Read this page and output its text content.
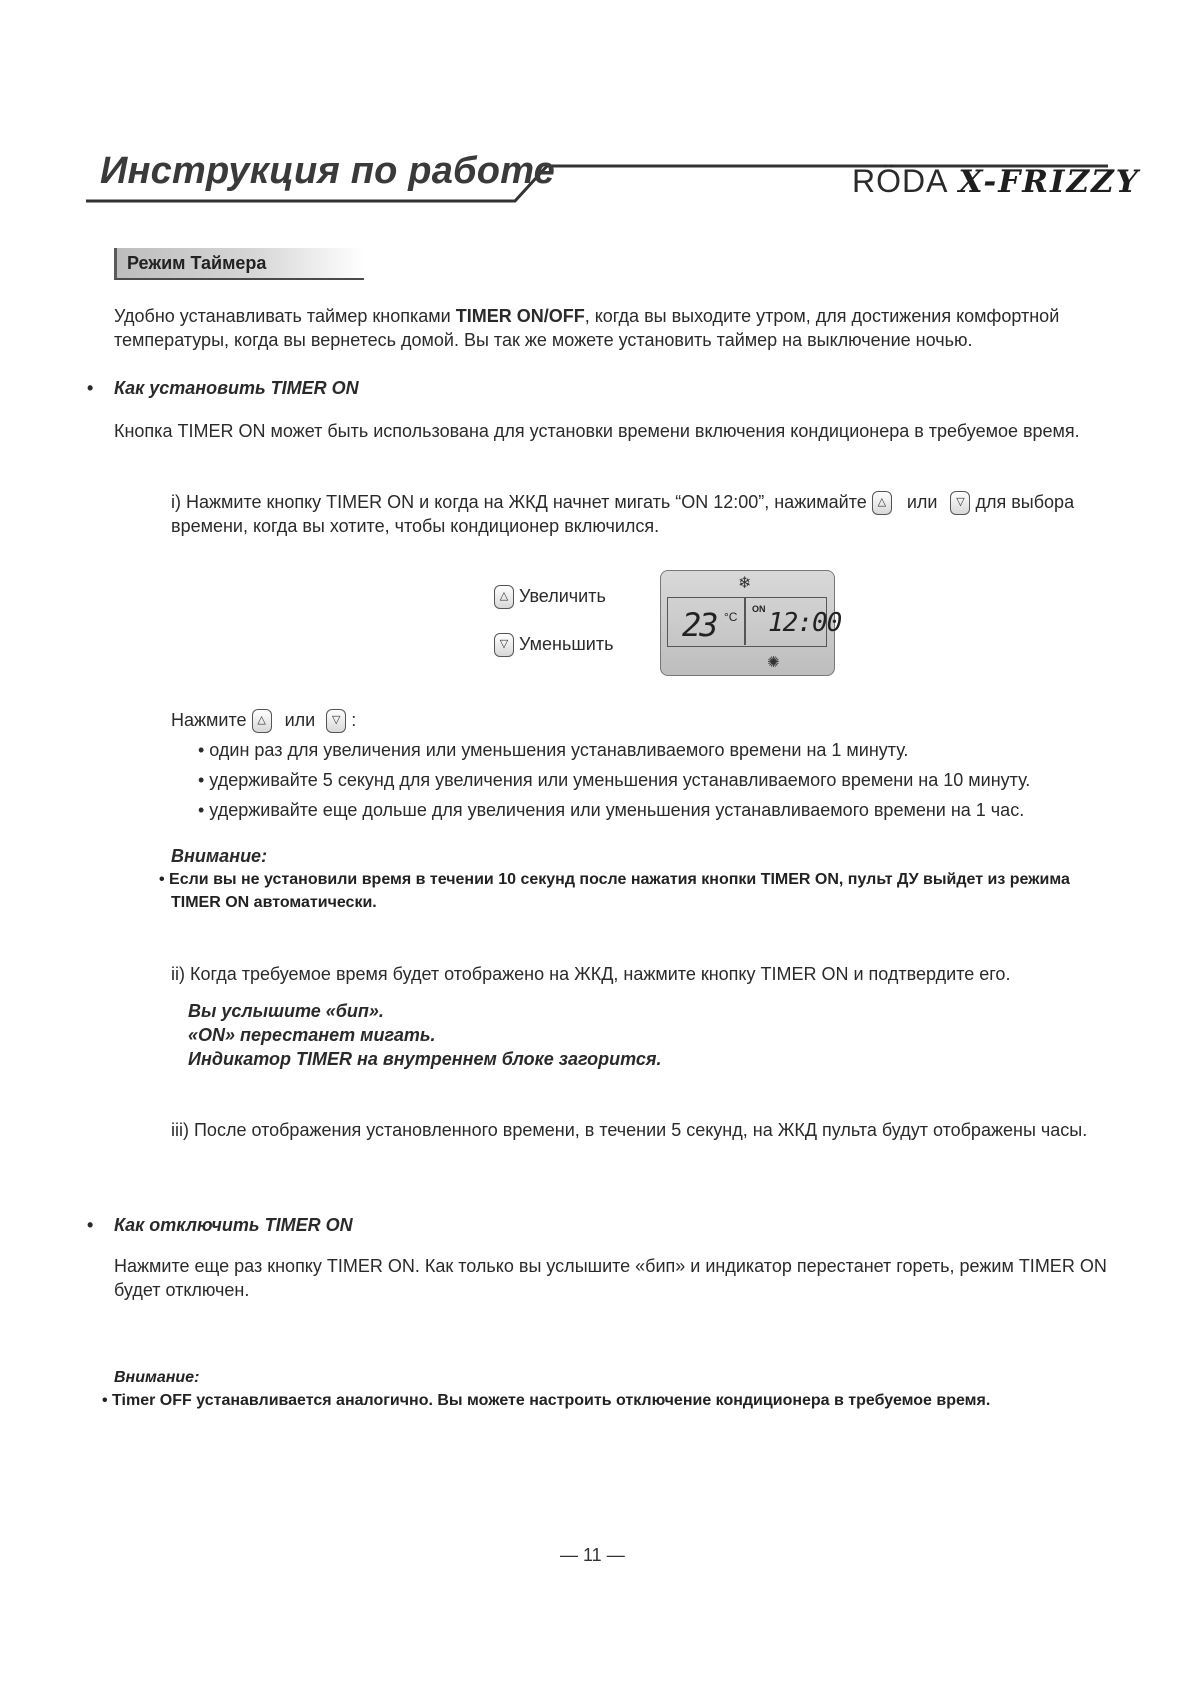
Инструкция по работе	RÖDA X-FRIZZY
Режим Таймера
Удобно устанавливать таймер кнопками TIMER ON/OFF, когда вы выходите утром, для достижения комфортной
температуры, когда вы вернетесь домой. Вы так же можете установить таймер на выключение ночью.
• Как установить TIMER ON
Кнопка TIMER ON может быть использована для установки времени включения кондиционера в требуемое время.
i) Нажмите кнопку TIMER ON и когда на ЖКД начнет мигать “ON 12:00”, нажимайте △ или ▽ для выбора
времени, когда вы хотите, чтобы кондиционер включился.
△ Увеличить
▽ Уменьшить
❄
23 °C
ON 12:00
✺
Нажмите △ или ▽ :
• один раз для увеличения или уменьшения устанавливаемого времени на 1 минуту.
• удерживайте 5 секунд для увеличения или уменьшения устанавливаемого времени на 10 минуту.
• удерживайте еще дольше для увеличения или уменьшения устанавливаемого времени на 1 час.
Внимание:
• Если вы не установили время в течении 10 секунд после нажатия кнопки TIMER ON, пульт ДУ выйдет из режима
TIMER ON автоматически.
ii) Когда требуемое время будет отображено на ЖКД, нажмите кнопку TIMER ON и подтвердите его.
Вы услышите «бип».
«ON» перестанет мигать.
Индикатор TIMER на внутреннем блоке загорится.
iii) После отображения установленного времени, в течении 5 секунд, на ЖКД пульта будут отображены часы.
• Как отключить TIMER ON
Нажмите еще раз кнопку TIMER ON. Как только вы услышите «бип» и индикатор перестанет гореть, режим TIMER ON
будет отключен.
Внимание:
• Timer OFF устанавливается аналогично. Вы можете настроить отключение кондиционера в требуемое время.
— 11 —
